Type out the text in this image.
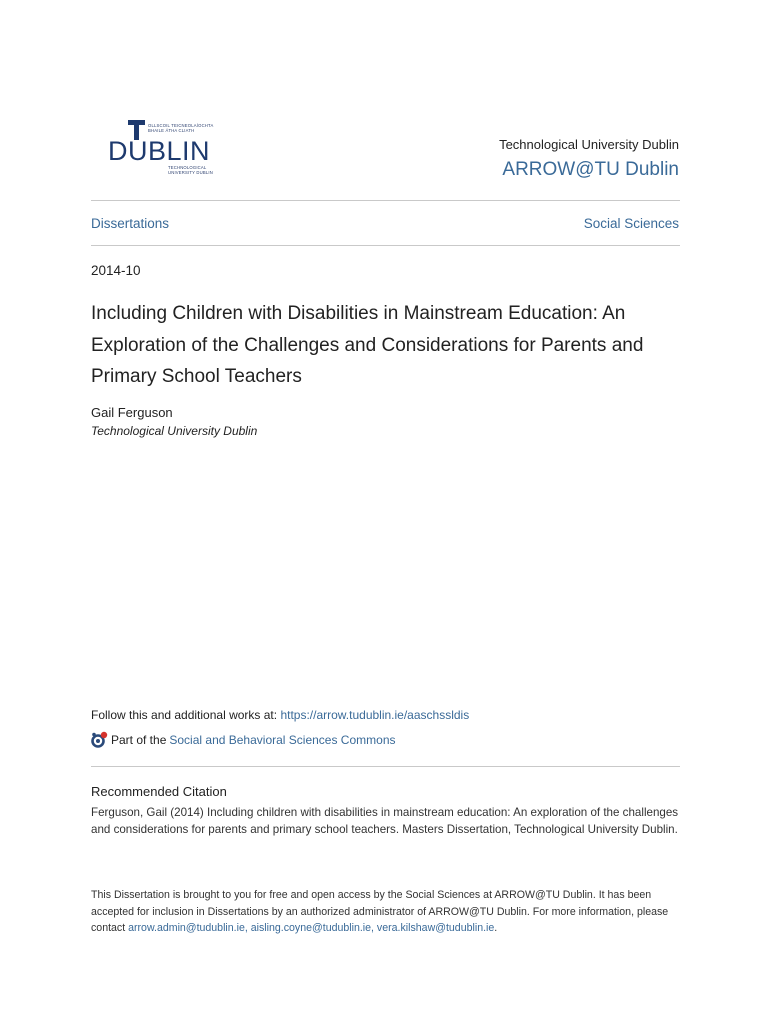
OLLSCOIL TEICNEOLAÍOCHTA
BHAILE ÁTHA CLIATH
DUBLIN
TECHNOLOGICAL
UNIVERSITY DUBLIN
Technological University Dublin
ARROW@TU Dublin
Dissertations	Social Sciences
2014-10
Including Children with Disabilities in Mainstream Education: An Exploration of the Challenges and Considerations for Parents and Primary School Teachers
Gail Ferguson
Technological University Dublin
Follow this and additional works at: https://arrow.tudublin.ie/aaschssldis
Part of the Social and Behavioral Sciences Commons
Recommended Citation
Ferguson, Gail (2014) Including children with disabilities in mainstream education: An exploration of the challenges and considerations for parents and primary school teachers. Masters Dissertation, Technological University Dublin.
This Dissertation is brought to you for free and open access by the Social Sciences at ARROW@TU Dublin. It has been accepted for inclusion in Dissertations by an authorized administrator of ARROW@TU Dublin. For more information, please contact arrow.admin@tudublin.ie, aisling.coyne@tudublin.ie, vera.kilshaw@tudublin.ie.
